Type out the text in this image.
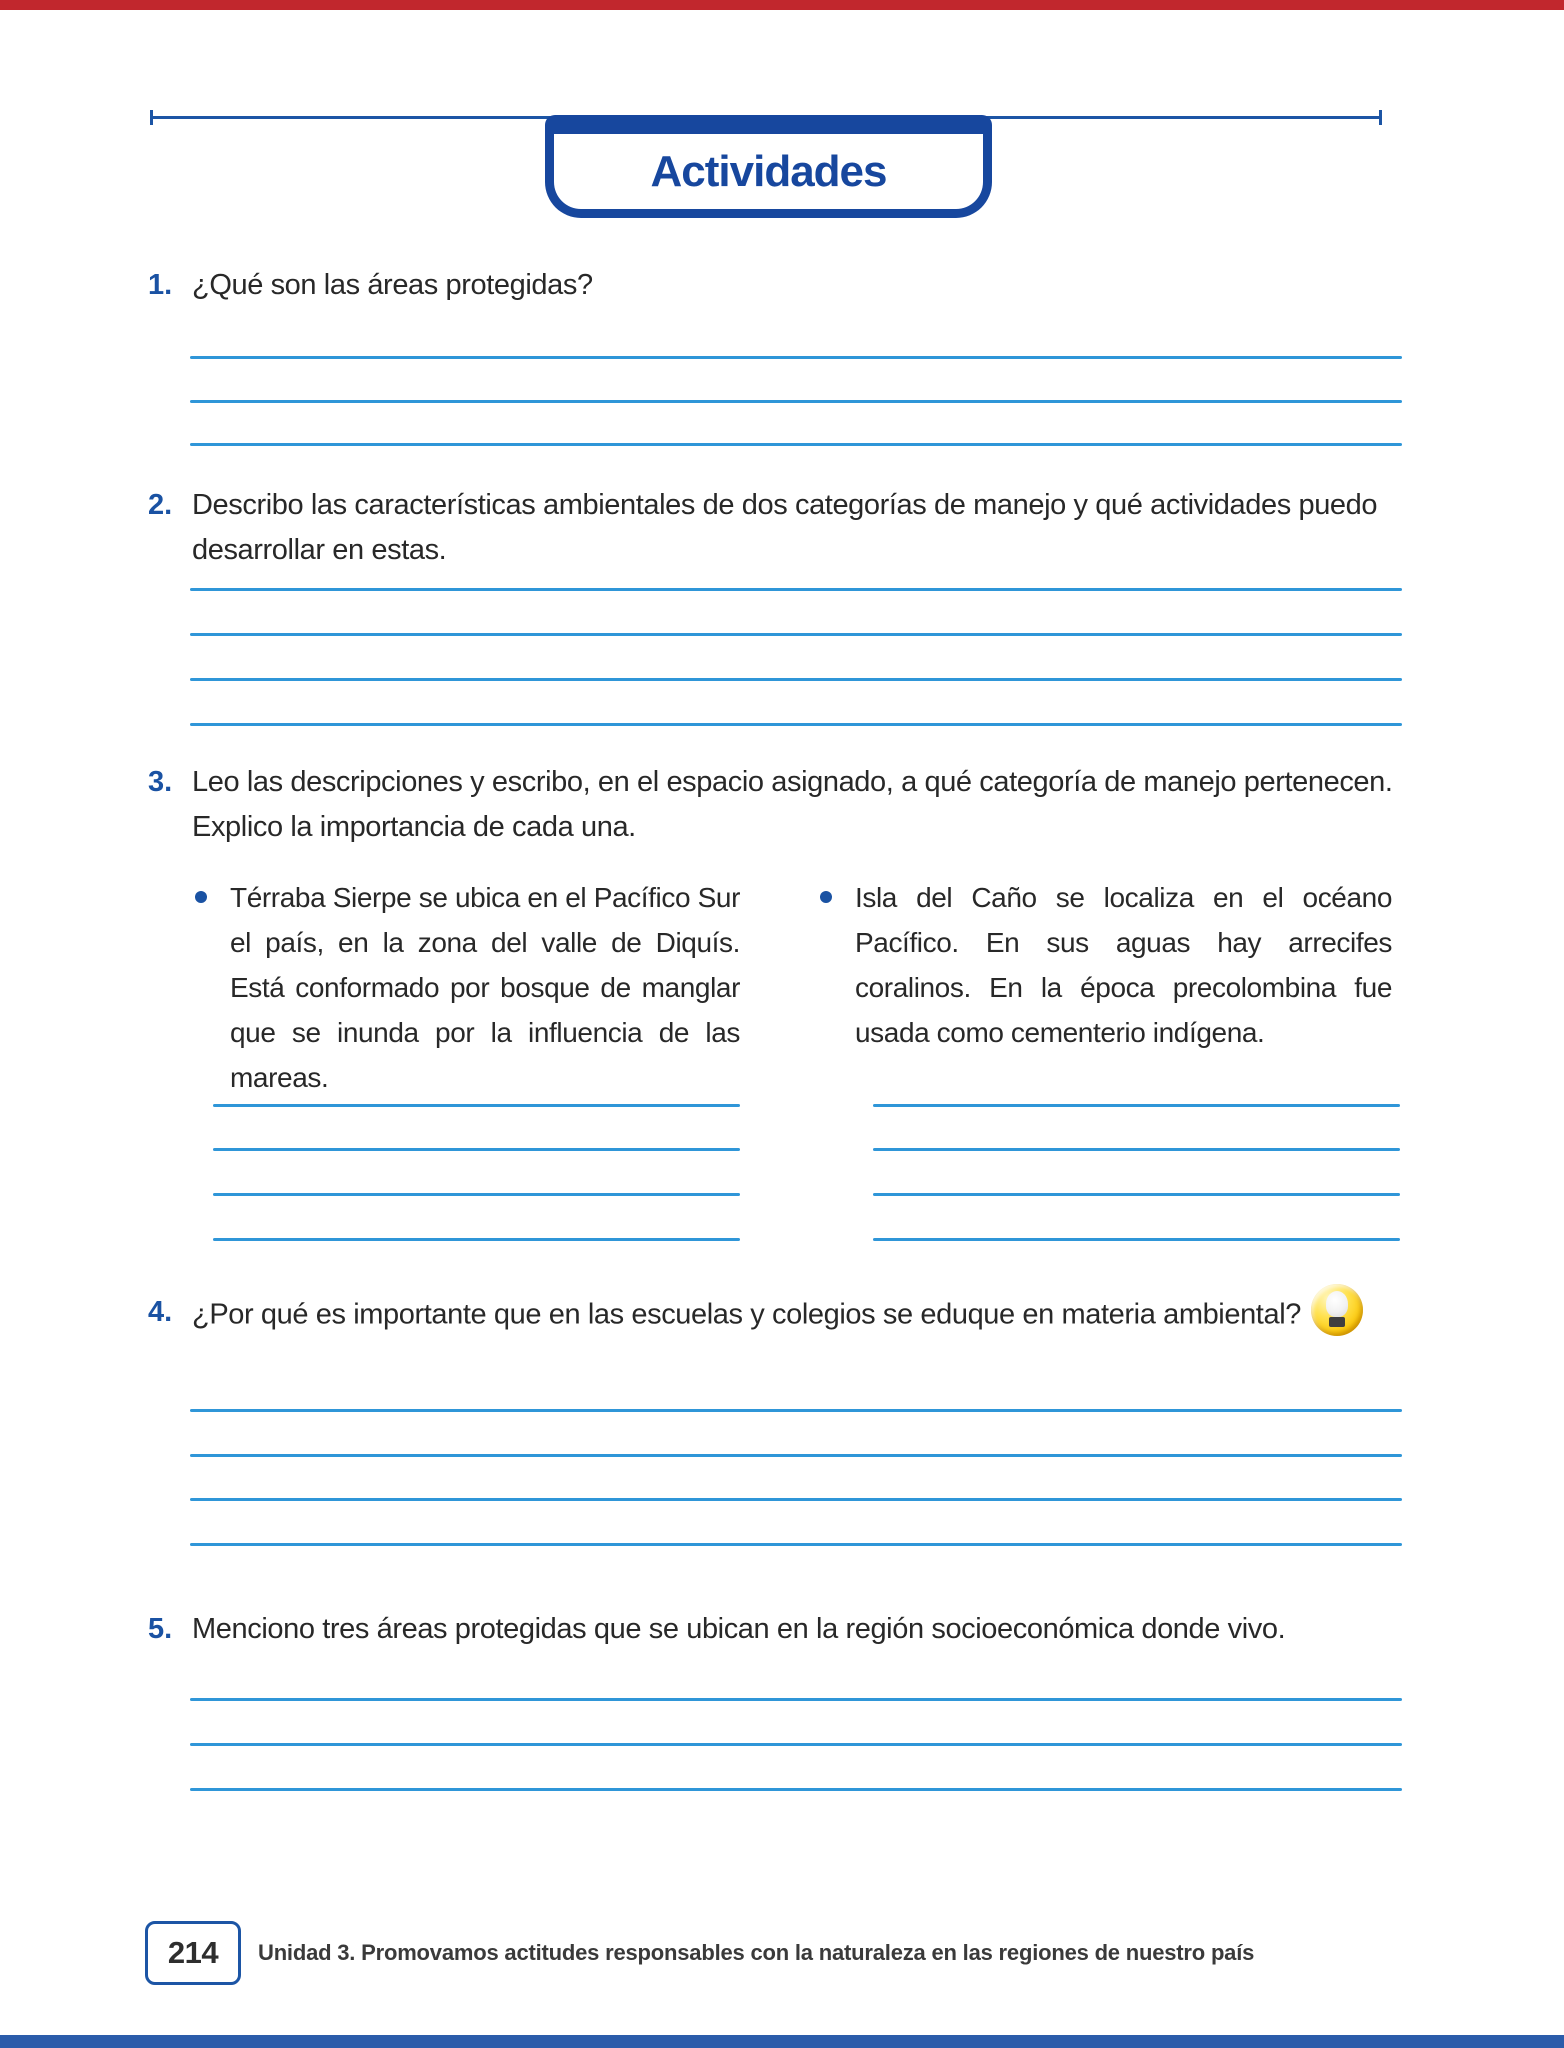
Actividades
1. ¿Qué son las áreas protegidas?
2. Describo las características ambientales de dos categorías de manejo y qué actividades puedo desarrollar en estas.
3. Leo las descripciones y escribo, en el espacio asignado, a qué categoría de manejo pertenecen. Explico la importancia de cada una.
Térraba Sierpe se ubica en el Pacífico Sur el país, en la zona del valle de Diquís. Está conformado por bosque de manglar que se inunda por la influencia de las mareas.
Isla del Caño se localiza en el océano Pacífico. En sus aguas hay arrecifes coralinos. En la época precolombina fue usada como cementerio indígena.
4. ¿Por qué es importante que en las escuelas y colegios se eduque en materia ambiental?
5. Menciono tres áreas protegidas que se ubican en la región socioeconómica donde vivo.
214 Unidad 3. Promovamos actitudes responsables con la naturaleza en las regiones de nuestro país
